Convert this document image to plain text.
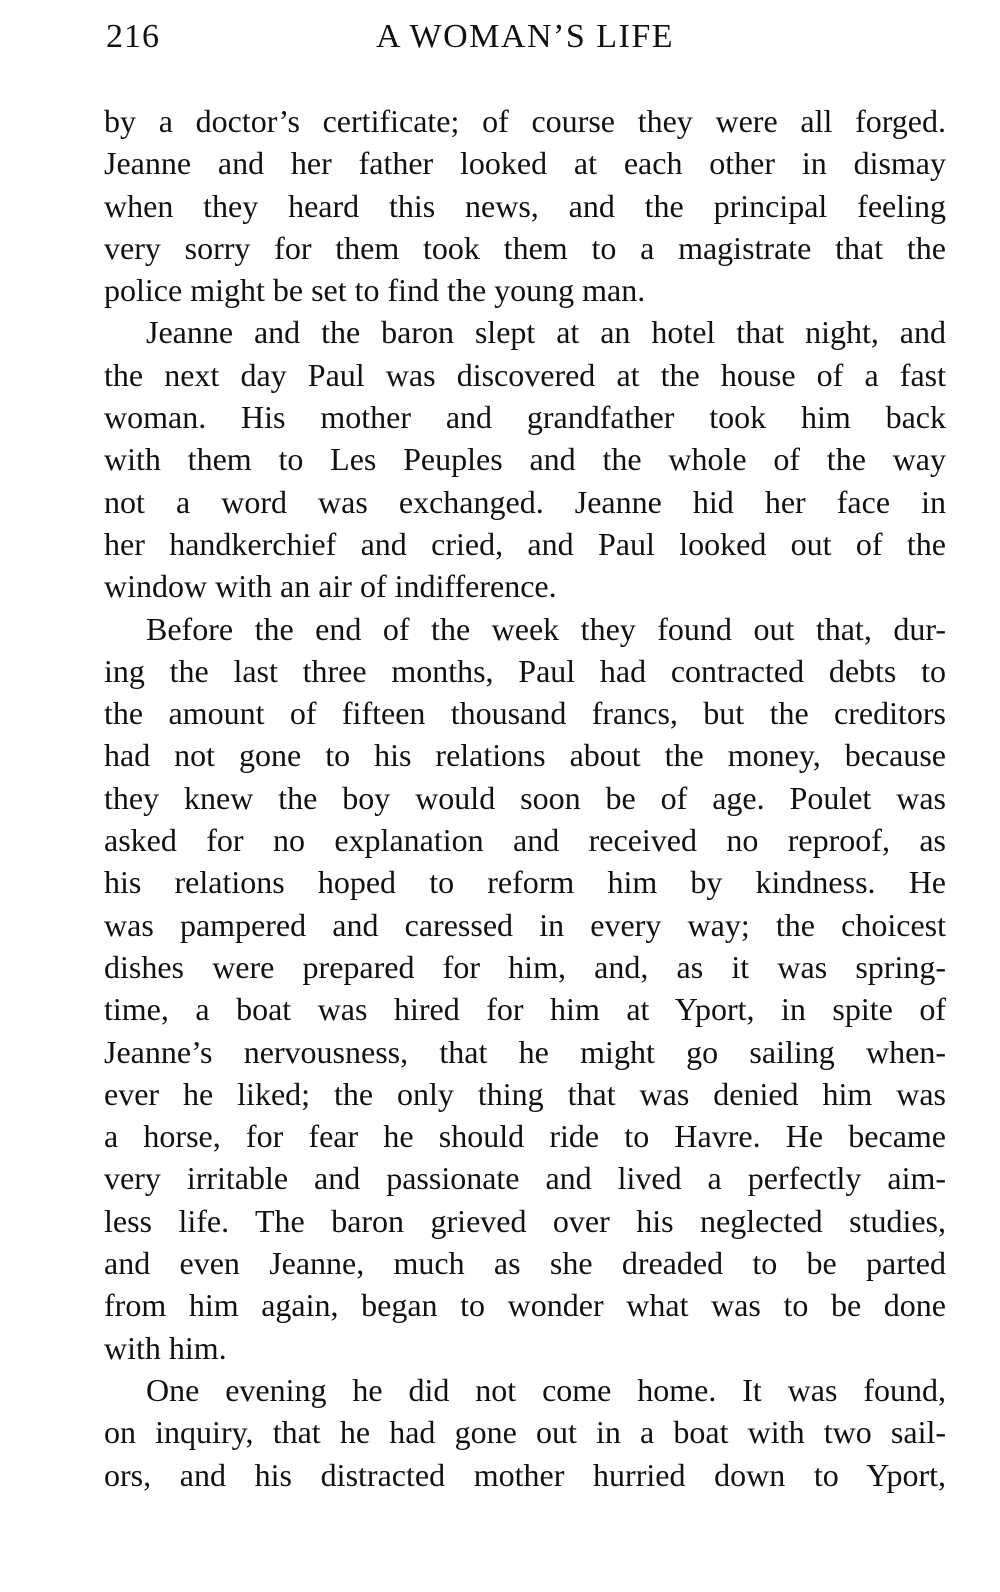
216	A WOMAN’S LIFE
by a doctor’s certificate; of course they were all forged.
Jeanne and her father looked at each other in dismay
when they heard this news, and the principal feeling
very sorry for them took them to a magistrate that the
police might be set to find the young man.
Jeanne and the baron slept at an hotel that night, and
the next day Paul was discovered at the house of a fast
woman. His mother and grandfather took him back
with them to Les Peuples and the whole of the way
not a word was exchanged. Jeanne hid her face in
her handkerchief and cried, and Paul looked out of the
window with an air of indifference.
Before the end of the week they found out that, dur-
ing the last three months, Paul had contracted debts to
the amount of fifteen thousand francs, but the creditors
had not gone to his relations about the money, because
they knew the boy would soon be of age. Poulet was
asked for no explanation and received no reproof, as
his relations hoped to reform him by kindness. He
was pampered and caressed in every way; the choicest
dishes were prepared for him, and, as it was spring-
time, a boat was hired for him at Yport, in spite of
Jeanne’s nervousness, that he might go sailing when-
ever he liked; the only thing that was denied him was
a horse, for fear he should ride to Havre. He became
very irritable and passionate and lived a perfectly aim-
less life. The baron grieved over his neglected studies,
and even Jeanne, much as she dreaded to be parted
from him again, began to wonder what was to be done
with him.
One evening he did not come home. It was found,
on inquiry, that he had gone out in a boat with two sail-
ors, and his distracted mother hurried down to Yport,
